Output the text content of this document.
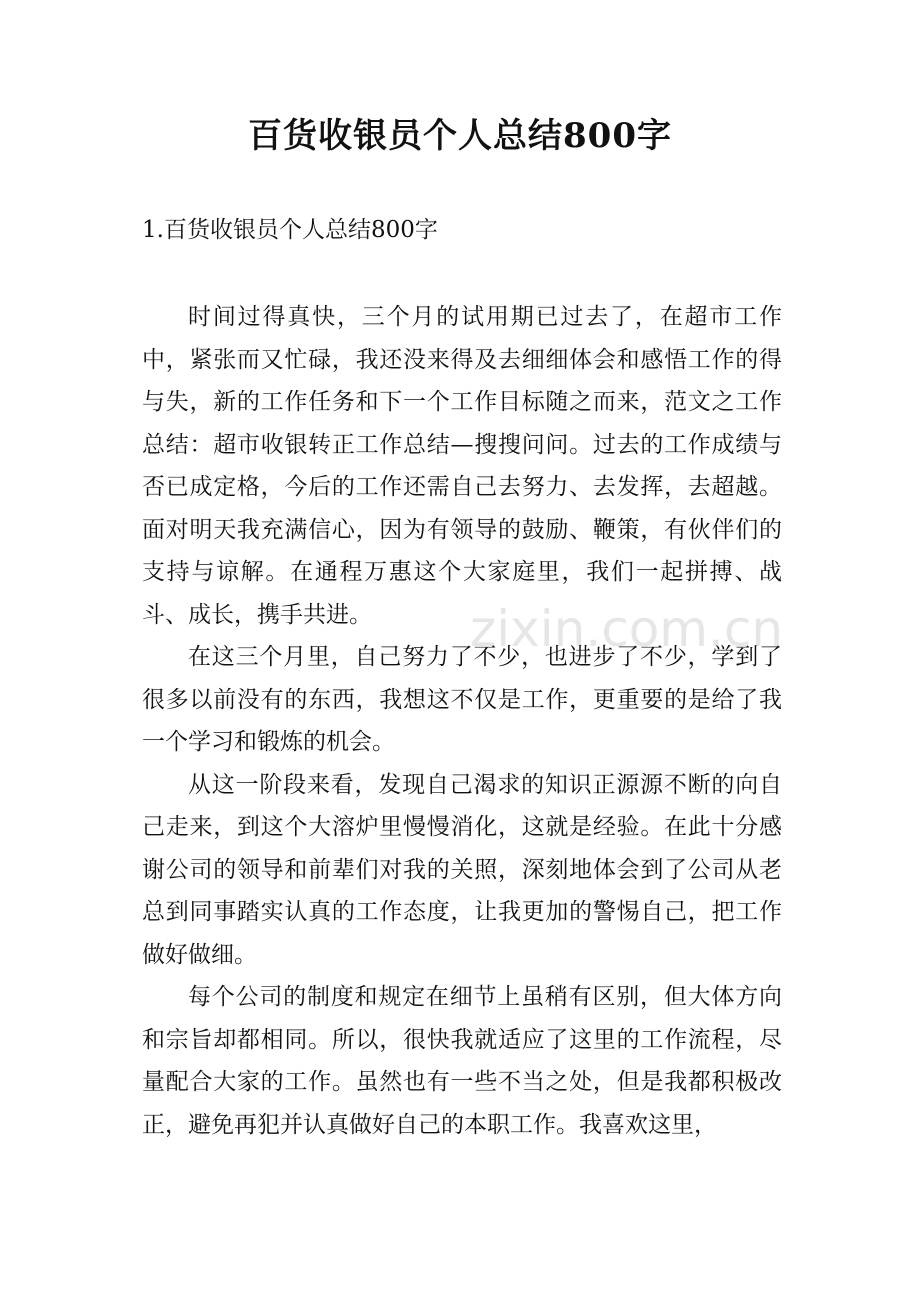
zixin.com.cn
百货收银员个人总结800字
1.百货收银员个人总结800字

时间过得真快，三个月的试用期已过去了，在超市工作中，紧张而又忙碌，我还没来得及去细细体会和感悟工作的得与失，新的工作任务和下一个工作目标随之而来，范文之工作总结：超市收银转正工作总结—搜搜问问。过去的工作成绩与否已成定格，今后的工作还需自己去努力、去发挥，去超越。面对明天我充满信心，因为有领导的鼓励、鞭策，有伙伴们的支持与谅解。在通程万惠这个大家庭里，我们一起拼搏、战斗、成长，携手共进。

在这三个月里，自己努力了不少，也进步了不少，学到了很多以前没有的东西，我想这不仅是工作，更重要的是给了我一个学习和锻炼的机会。

从这一阶段来看，发现自己渴求的知识正源源不断的向自己走来，到这个大溶炉里慢慢消化，这就是经验。在此十分感谢公司的领导和前辈们对我的关照，深刻地体会到了公司从老总到同事踏实认真的工作态度，让我更加的警惕自己，把工作做好做细。

每个公司的制度和规定在细节上虽稍有区别，但大体方向和宗旨却都相同。所以，很快我就适应了这里的工作流程，尽量配合大家的工作。虽然也有一些不当之处，但是我都积极改正，避免再犯并认真做好自己的本职工作。我喜欢这里，
